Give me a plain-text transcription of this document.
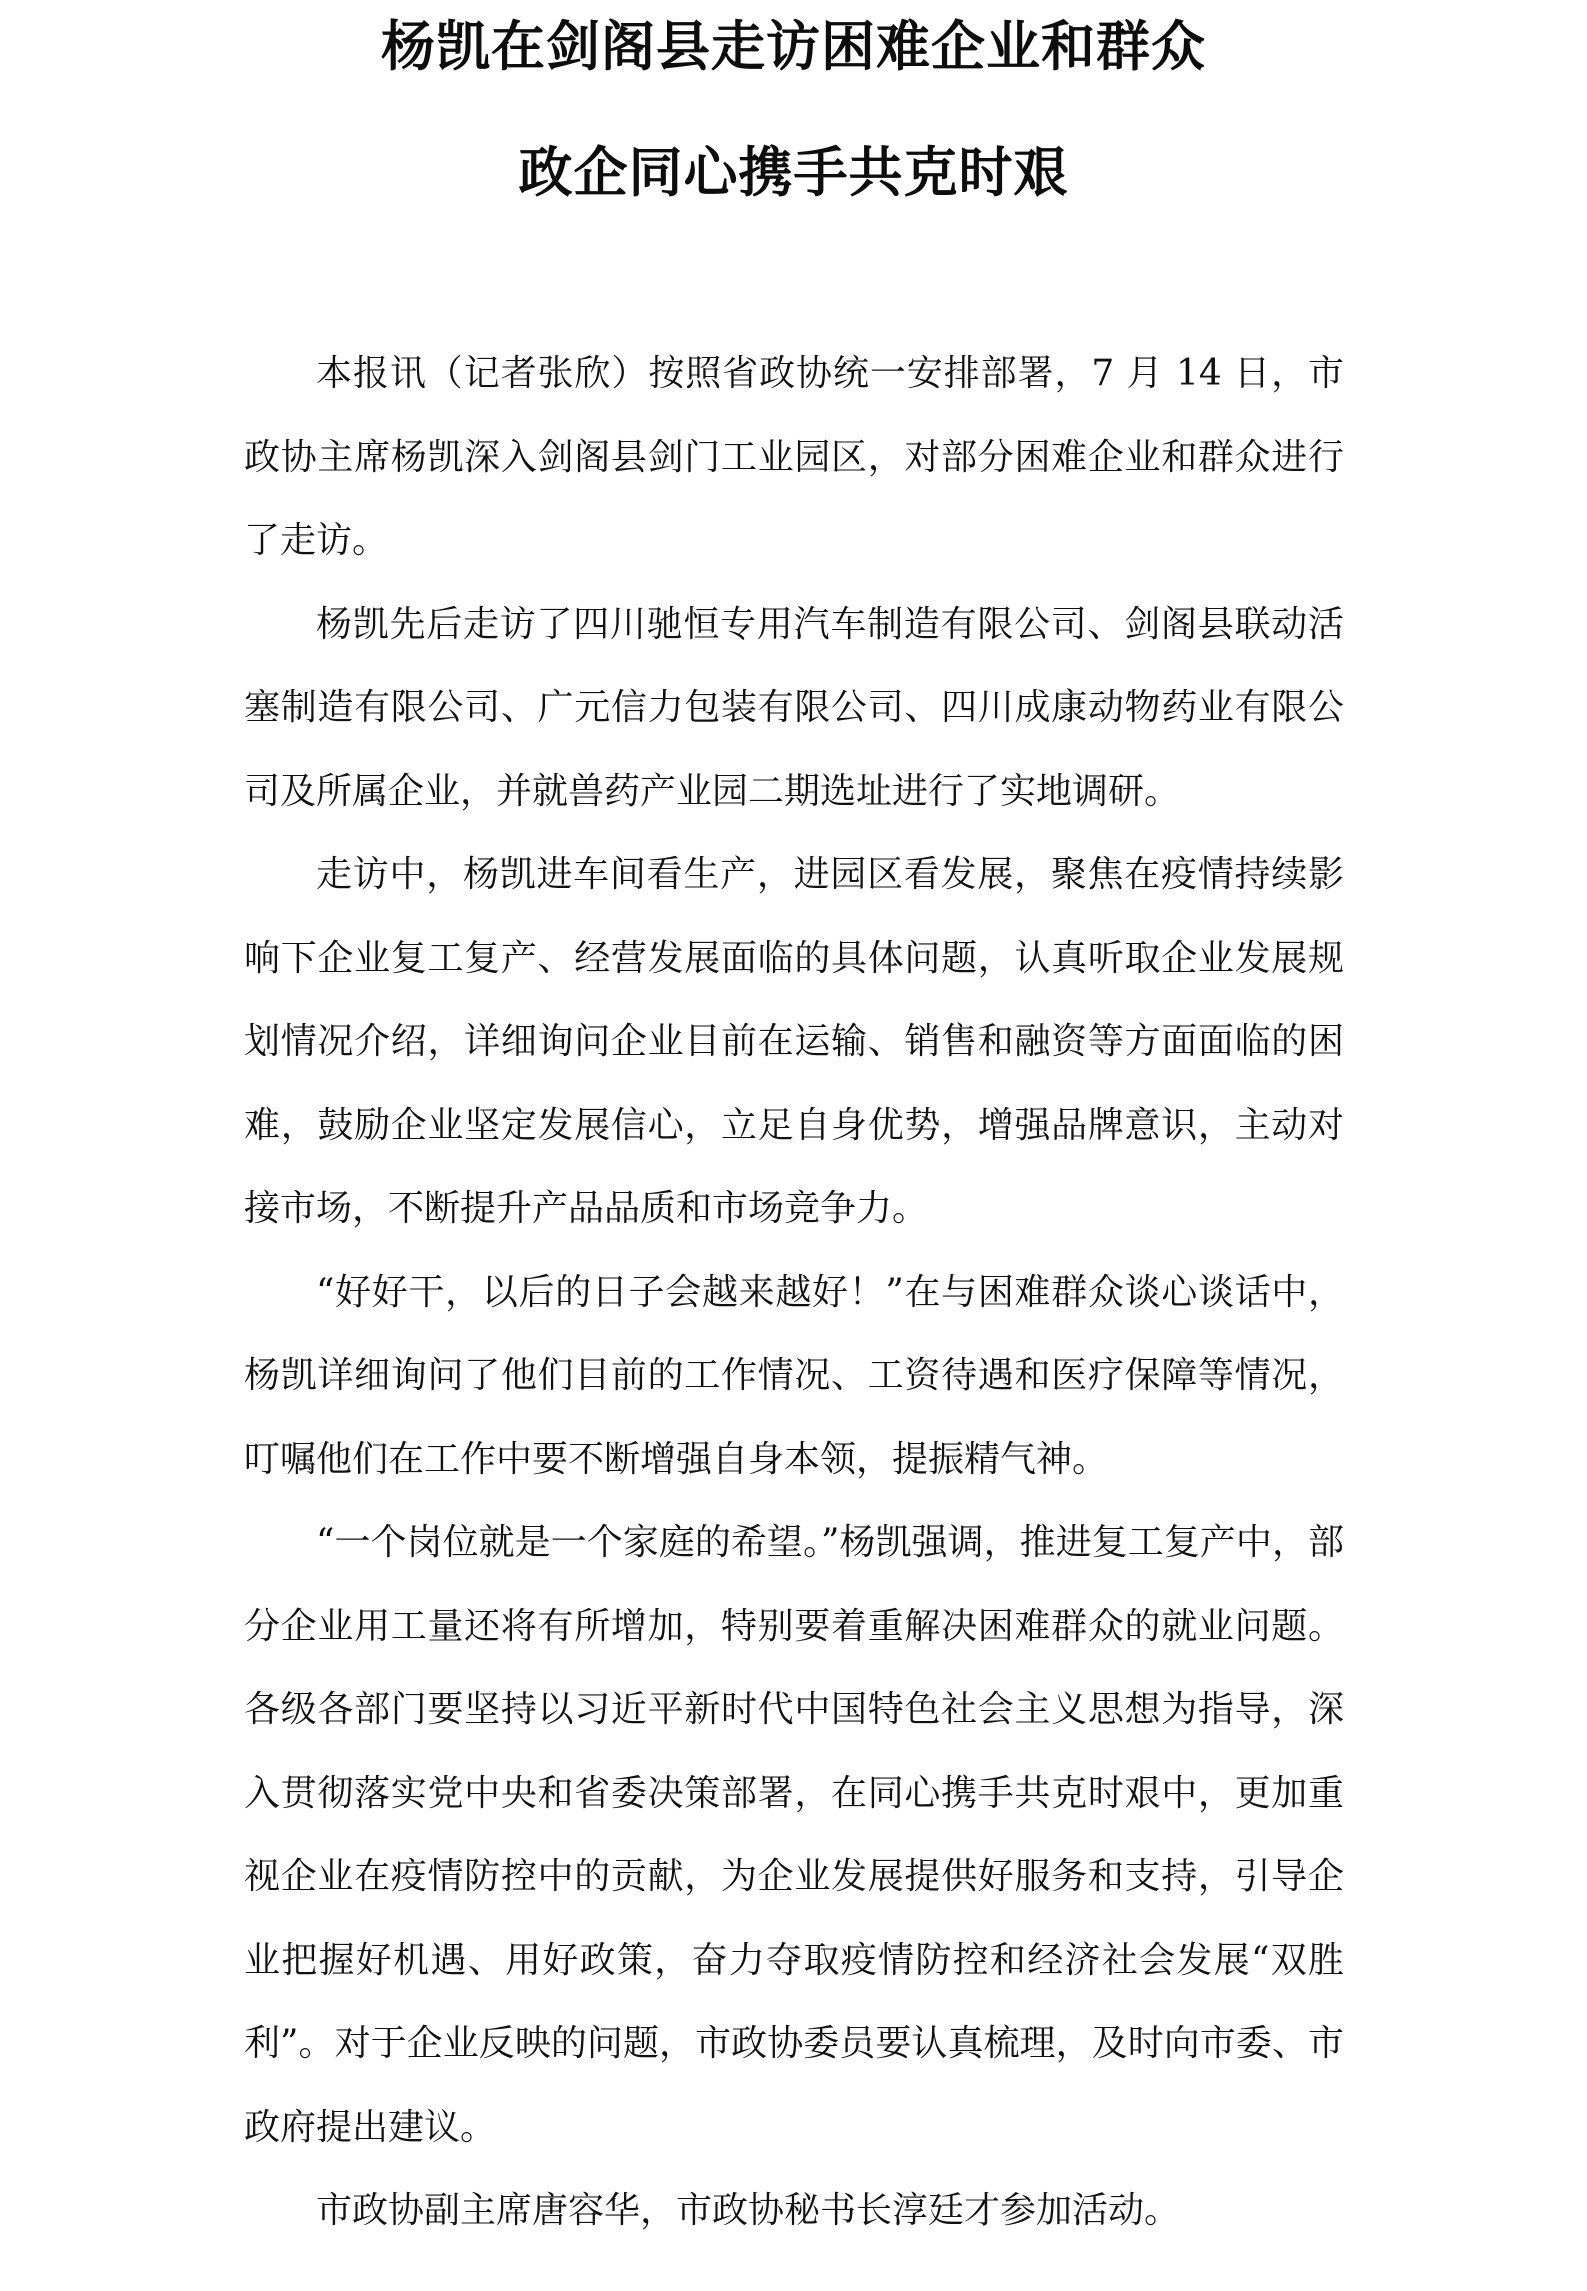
杨凯在剑阁县走访困难企业和群众
政企同心携手共克时艰

本报讯（记者张欣）按照省政协统一安排部署，7 月 14 日，市政协主席杨凯深入剑阁县剑门工业园区，对部分困难企业和群众进行了走访。

杨凯先后走访了四川驰恒专用汽车制造有限公司、剑阁县联动活塞制造有限公司、广元信力包装有限公司、四川成康动物药业有限公司及所属企业，并就兽药产业园二期选址进行了实地调研。

走访中，杨凯进车间看生产，进园区看发展，聚焦在疫情持续影响下企业复工复产、经营发展面临的具体问题，认真听取企业发展规划情况介绍，详细询问企业目前在运输、销售和融资等方面面临的困难，鼓励企业坚定发展信心，立足自身优势，增强品牌意识，主动对接市场，不断提升产品品质和市场竞争力。

“好好干，以后的日子会越来越好！”在与困难群众谈心谈话中，杨凯详细询问了他们目前的工作情况、工资待遇和医疗保障等情况，叮嘱他们在工作中要不断增强自身本领，提振精气神。

“一个岗位就是一个家庭的希望。”杨凯强调，推进复工复产中，部分企业用工量还将有所增加，特别要着重解决困难群众的就业问题。各级各部门要坚持以习近平新时代中国特色社会主义思想为指导，深入贯彻落实党中央和省委决策部署，在同心携手共克时艰中，更加重视企业在疫情防控中的贡献，为企业发展提供好服务和支持，引导企业把握好机遇、用好政策，奋力夺取疫情防控和经济社会发展“双胜利”。对于企业反映的问题，市政协委员要认真梳理，及时向市委、市政府提出建议。

市政协副主席唐容华，市政协秘书长淳廷才参加活动。
